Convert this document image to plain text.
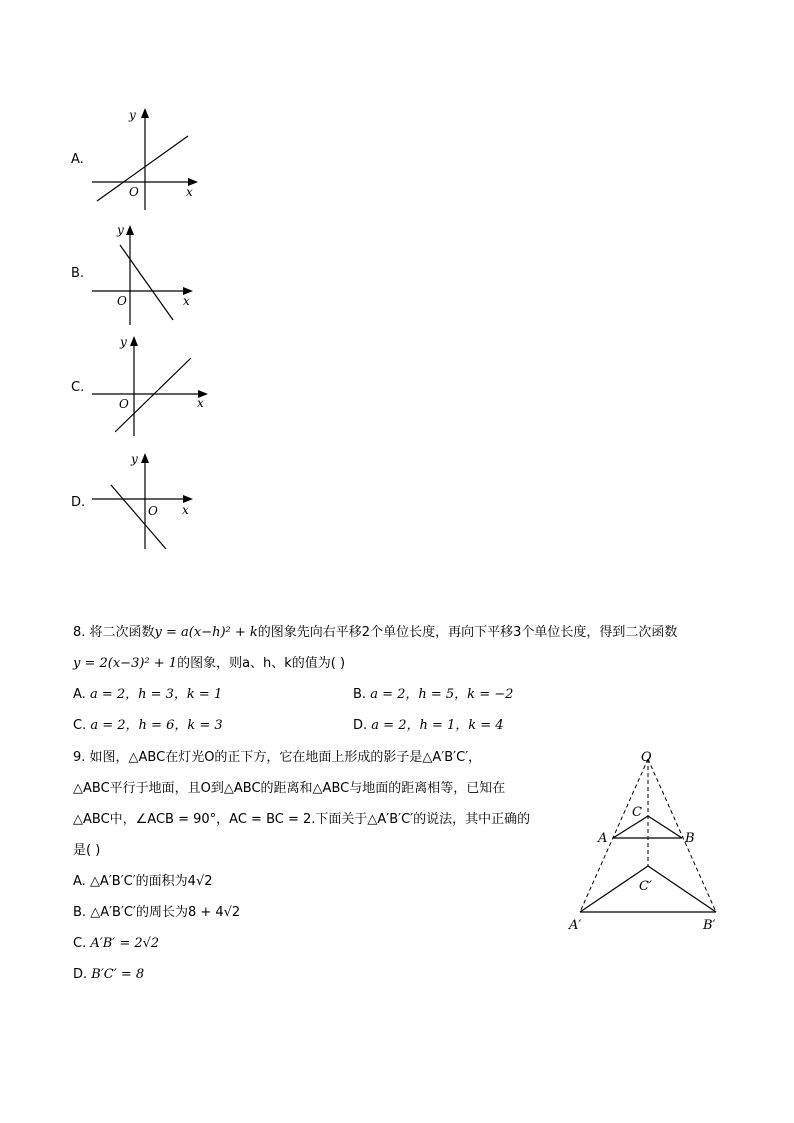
A.
x
y
O
B.
x
y
O
C.
x
y
O
D.	x
y
O
8. 将二次函数y = a(x−h)² + k的图象先向右平移2个单位长度，再向下平移3个单位长度，得到二次函数
y = 2(x−3)² + 1的图象，则a、h、k的值为( )
A. a = 2，h = 3，k = 1	B. a = 2，h = 5，k = −2
C. a = 2，h = 6，k = 3	D. a = 2，h = 1，k = 4
9. 如图，△ABC在灯光O的正下方，它在地面上形成的影子是△A′B′C′，
△ABC平行于地面，且O到△ABC的距离和△ABC与地面的距离相等，已知在
△ABC中，∠ACB = 90°，AC = BC = 2.下面关于△A′B′C′的说法，其中正确的
是( )
A. △A′B′C′的面积为4√2
B. △A′B′C′的周长为8 + 4√2
C. A′B′ = 2√2
D. B′C′ = 8
O
C
A	B
C′
A′	B′
